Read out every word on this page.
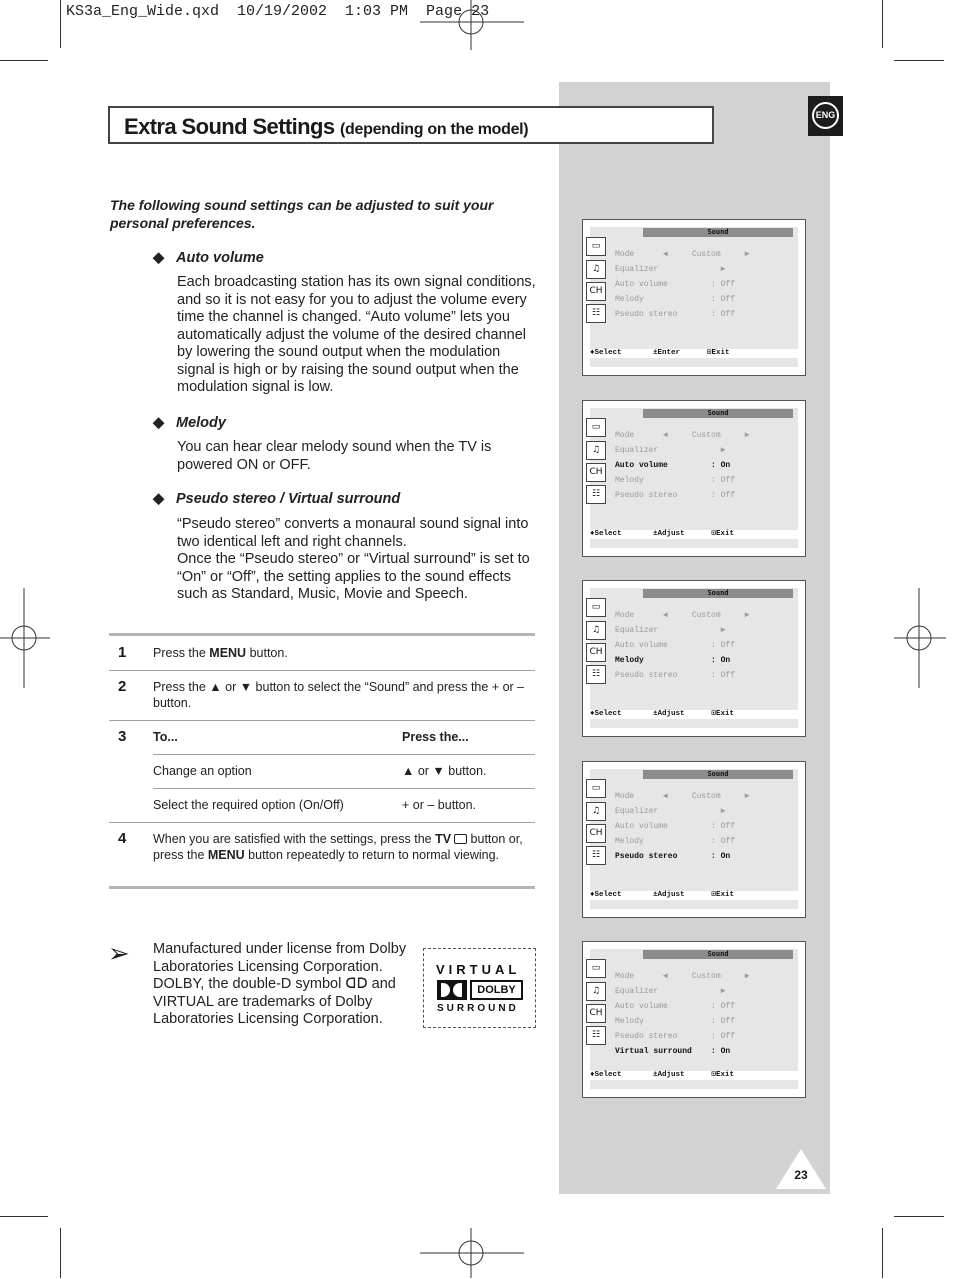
KS3a_Eng_Wide.qxd  10/19/2002  1:03 PM  Page 23
Extra Sound Settings (depending on the model)
ENG
The following sound settings can be adjusted to suit your personal preferences.
◆ Auto volume
Each broadcasting station has its own signal conditions, and so it is not easy for you to adjust the volume every time the channel is changed. “Auto volume” lets you automatically adjust the volume of the desired channel by lowering the sound output when the modulation signal is high or by raising the sound output when the modulation signal is low.
◆ Melody
You can hear clear melody sound when the TV is powered ON or OFF.
◆ Pseudo stereo / Virtual surround
“Pseudo stereo” converts a monaural sound signal into two identical left and right channels.
Once the “Pseudo stereo” or “Virtual surround” is set to “On” or “Off”, the setting applies to the sound effects such as Standard, Music, Movie and Speech.
1 Press the MENU button.
2 Press the ▲ or ▼ button to select the “Sound” and press the + or – button.
3 To...	Press the...
Change an option	▲ or ▼ button.
Select the required option (On/Off)	+ or – button.
4 When you are satisfied with the settings, press the TV button or, press the MENU button repeatedly to return to normal viewing.
➢ Manufactured under license from Dolby Laboratories Licensing Corporation. DOLBY, the double-D symbol ᗡᗞ and VIRTUAL are trademarks of Dolby Laboratories Licensing Corporation.
VIRTUAL
DOLBY
SURROUND
Sound
▭
♫
CH
☷
Mode      ◄     Custom     ►
Equalizer             ►
Auto volume         : Off
Melody              : Off
Pseudo stereo       : Off
♦Select       ±Enter      ⊡Exit
Sound
▭
♫
CH
☷
Mode      ◄     Custom     ►
Equalizer             ►
Auto volume         : On
Melody              : Off
Pseudo stereo       : Off
♦Select       ±Adjust      ⊡Exit
Sound
▭
♫
CH
☷
Mode      ◄     Custom     ►
Equalizer             ►
Auto volume         : Off
Melody              : On
Pseudo stereo       : Off
♦Select       ±Adjust      ⊡Exit
Sound
▭
♫
CH
☷
Mode      ◄     Custom     ►
Equalizer             ►
Auto volume         : Off
Melody              : Off
Pseudo stereo       : On
♦Select       ±Adjust      ⊡Exit
Sound
▭
♫
CH
☷
Mode      ◄     Custom     ►
Equalizer             ►
Auto volume         : Off
Melody              : Off
Pseudo stereo       : Off
Virtual surround    : On
♦Select       ±Adjust      ⊡Exit
23
